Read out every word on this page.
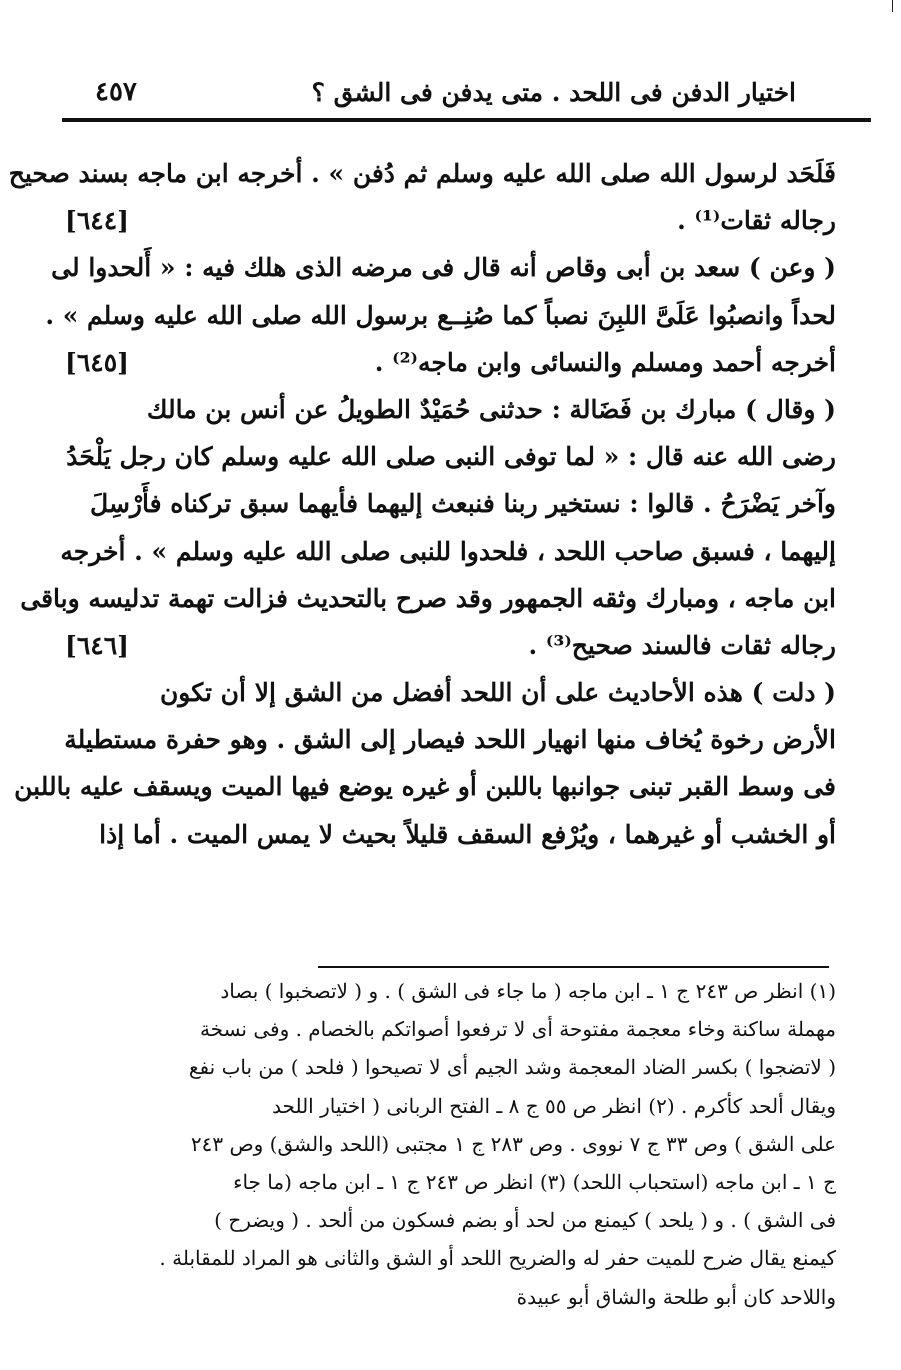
اختيار الدفن فى اللحد . متى يدفن فى الشق ؟
٤٥٧
فَلَحَد لرسول الله صلى الله عليه وسلم ثم دُفن » . أخرجه ابن ماجه بسند صحيح
رجاله ثقات⁽¹⁾ .
[٦٤٤]
( وعن ) سعد بن أبى وقاص أنه قال فى مرضه الذى هلك فيه : « أَلحدوا لى
لحداً وانصبُوا عَلَىَّ اللبِنَ نصباً كما صُنِــع برسول الله صلى الله عليه وسلم » .
أخرجه أحمد ومسلم والنسائى وابن ماجه⁽²⁾ .
[٦٤٥]
( وقال ) مبارك بن فَضَالة : حدثنى حُمَيْدٌ الطويلُ عن أنس بن مالك
رضى الله عنه قال : « لما توفى النبى صلى الله عليه وسلم كان رجل يَلْحَدُ
وآخر يَضْرَحُ . قالوا : نستخير ربنا فنبعث إليهما فأيهما سبق تركناه فأَرْسِلَ
إليهما ، فسبق صاحب اللحد ، فلحدوا للنبى صلى الله عليه وسلم » . أخرجه
ابن ماجه ، ومبارك وثقه الجمهور وقد صرح بالتحديث فزالت تهمة تدليسه وباقى
رجاله ثقات فالسند صحيح⁽³⁾ .
[٦٤٦]
( دلت ) هذه الأحاديث على أن اللحد أفضل من الشق إلا أن تكون
الأرض رخوة يُخاف منها انهيار اللحد فيصار إلى الشق . وهو حفرة مستطيلة
فى وسط القبر تبنى جوانبها باللبن أو غيره يوضع فيها الميت ويسقف عليه باللبن
أو الخشب أو غيرهما ، ويُرْفع السقف قليلاً بحيث لا يمس الميت . أما إذا
(١) انظر ص ٢٤٣ ج ١ ـ ابن ماجه ( ما جاء فى الشق ) . و ( لاتصخبوا ) بصاد
مهملة ساكنة وخاء معجمة مفتوحة أى لا ترفعوا أصواتكم بالخصام . وفى نسخة
( لاتضجوا ) بكسر الضاد المعجمة وشد الجيم أى لا تصيحوا ( فلحد ) من باب نفع
ويقال ألحد كأكرم . (٢) انظر ص ٥٥ ج ٨ ـ الفتح الربانى ( اختيار اللحد
على الشق ) وص ٣٣ ج ٧ نووى . وص ٢٨٣ ج ١ مجتبى (اللحد والشق) وص ٢٤٣
ج ١ ـ ابن ماجه (استحباب اللحد) (٣) انظر ص ٢٤٣ ج ١ ـ ابن ماجه (ما جاء
فى الشق ) . و ( يلحد ) كيمنع من لحد أو بضم فسكون من ألحد . ( ويضرح )
كيمنع يقال ضرح للميت حفر له والضريح اللحد أو الشق والثانى هو المراد للمقابلة .
واللاحد كان أبو طلحة والشاق أبو عبيدة
